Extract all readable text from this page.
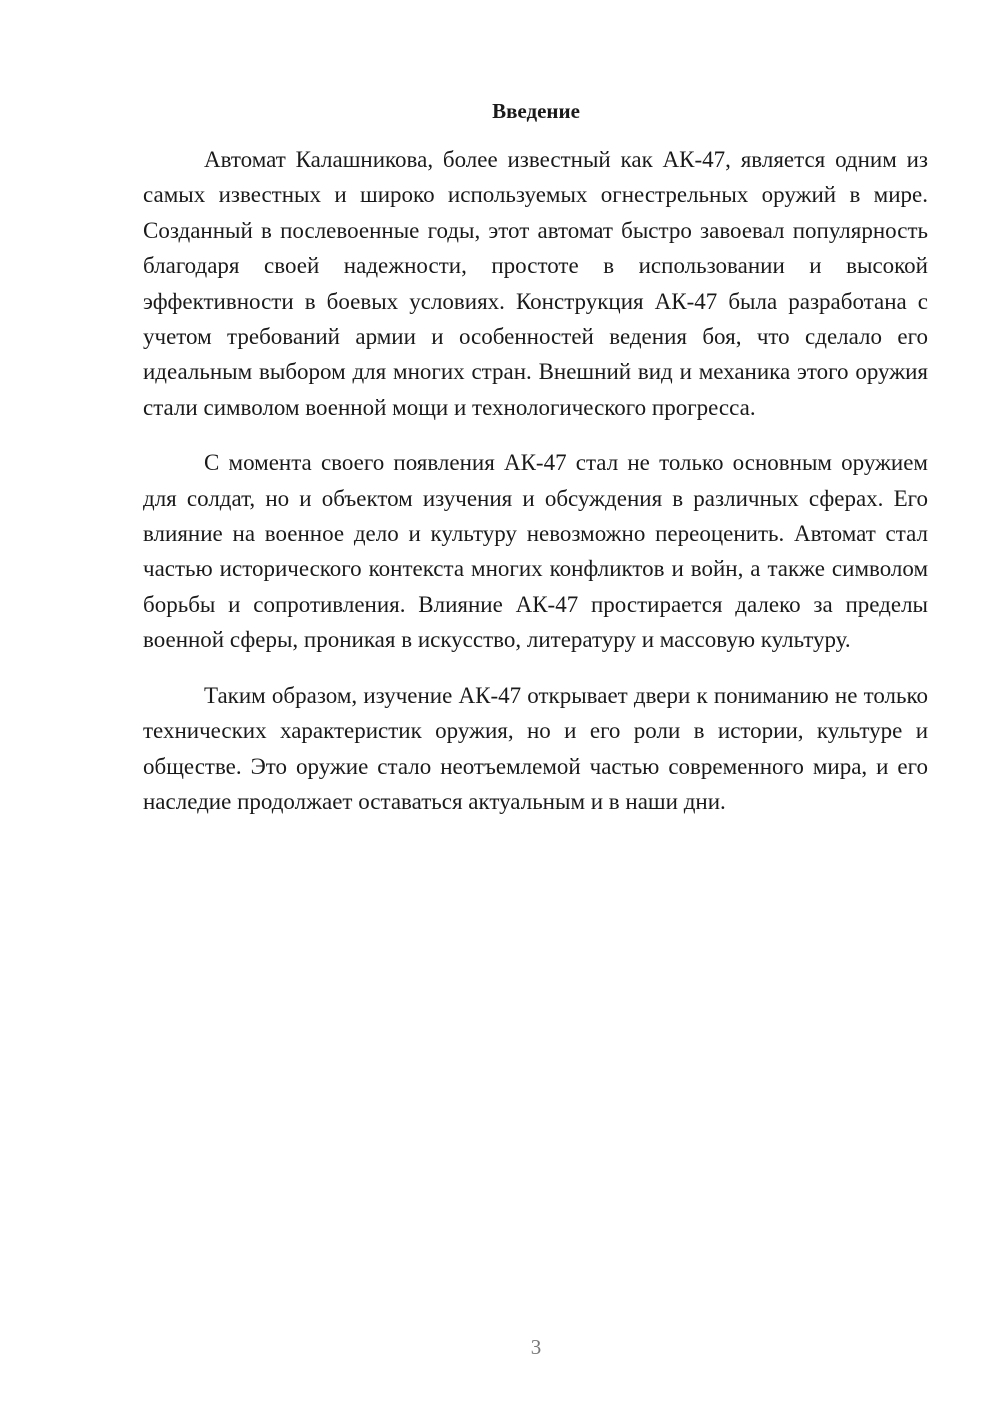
Введение

Автомат Калашникова, более известный как АК-47, является одним из самых известных и широко используемых огнестрельных оружий в мире. Созданный в послевоенные годы, этот автомат быстро завоевал популярность благодаря своей надежности, простоте в использовании и высокой эффективности в боевых условиях. Конструкция АК-47 была разработана с учетом требований армии и особенностей ведения боя, что сделало его идеальным выбором для многих стран. Внешний вид и механика этого оружия стали символом военной мощи и технологического прогресса.

С момента своего появления АК-47 стал не только основным оружием для солдат, но и объектом изучения и обсуждения в различных сферах. Его влияние на военное дело и культуру невозможно переоценить. Автомат стал частью исторического контекста многих конфликтов и войн, а также символом борьбы и сопротивления. Влияние АК-47 простирается далеко за пределы военной сферы, проникая в искусство, литературу и массовую культуру.

Таким образом, изучение АК-47 открывает двери к пониманию не только технических характеристик оружия, но и его роли в истории, культуре и обществе. Это оружие стало неотъемлемой частью современного мира, и его наследие продолжает оставаться актуальным и в наши дни.

3
